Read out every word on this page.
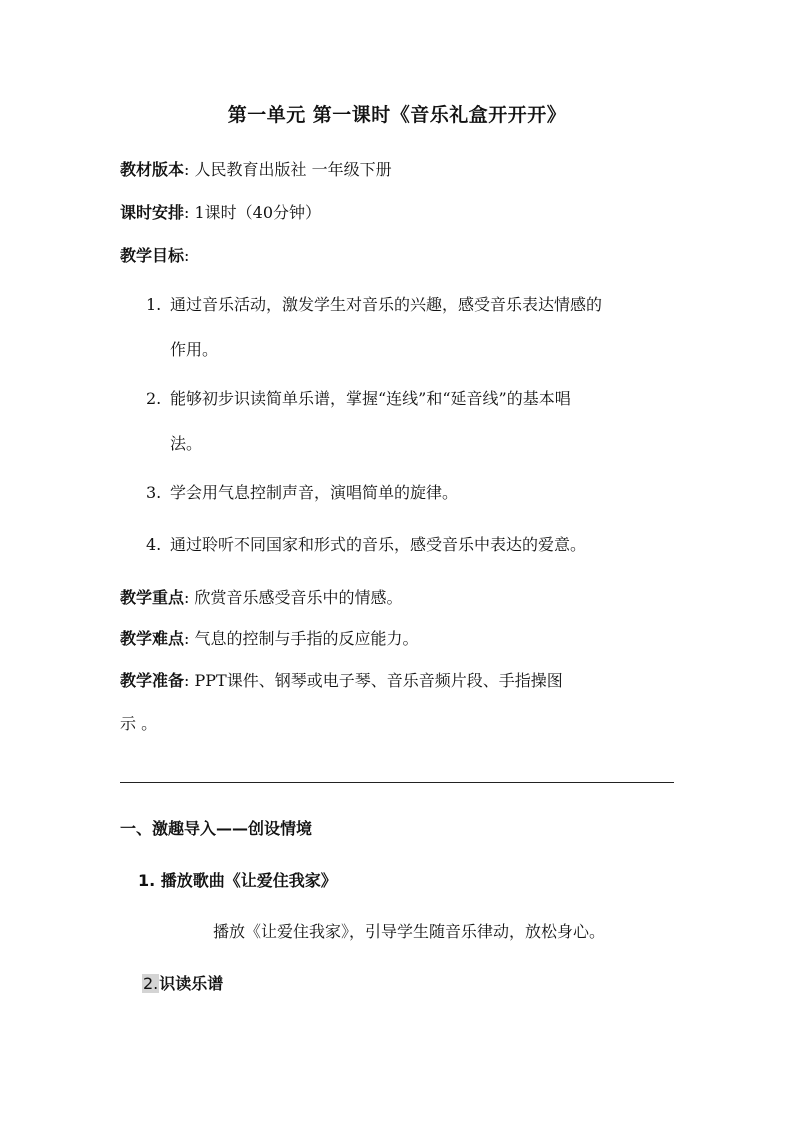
第一单元 第一课时《音乐礼盒开开开》
教材版本: 人民教育出版社 一年级下册
课时安排: 1课时（40分钟）
教学目标:
1. 通过音乐活动，激发学生对音乐的兴趣，感受音乐表达情感的
作用。
2. 能够初步识读简单乐谱，掌握“连线”和“延音线”的基本唱
法。
3. 学会用气息控制声音，演唱简单的旋律。
4. 通过聆听不同国家和形式的音乐，感受音乐中表达的爱意。
教学重点: 欣赏音乐感受音乐中的情感。
教学难点: 气息的控制与手指的反应能力。
教学准备: PPT课件、钢琴或电子琴、音乐音频片段、手指操图
示 。
一、激趣导入——创设情境
1. 播放歌曲《让爱住我家》
播放《让爱住我家》，引导学生随音乐律动，放松身心。
2.识读乐谱
